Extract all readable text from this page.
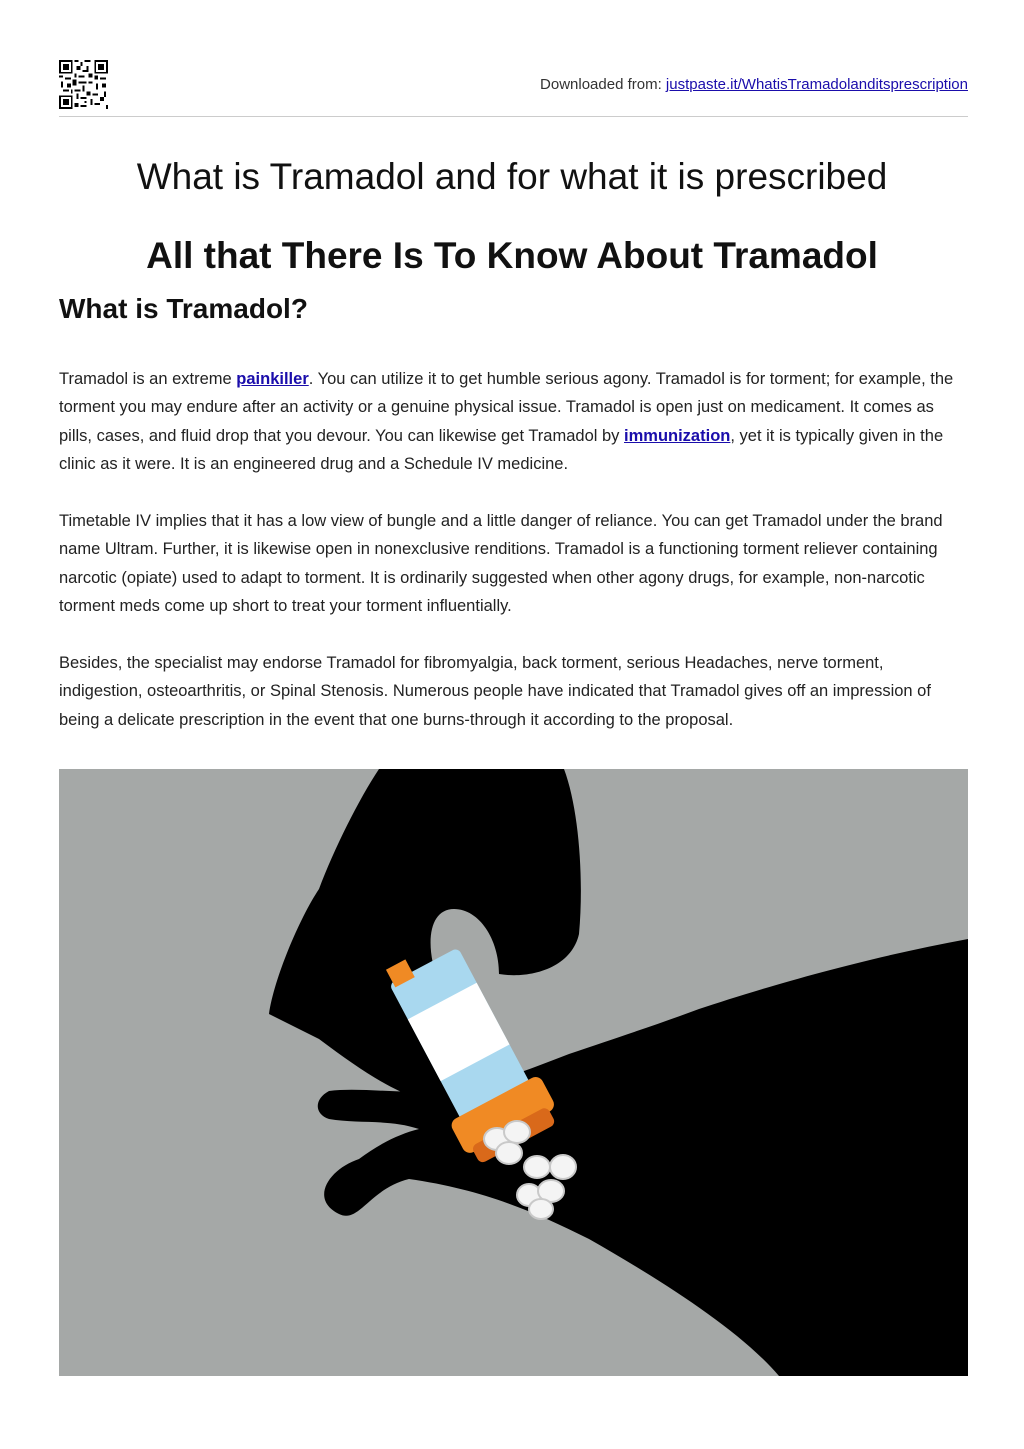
Downloaded from: justpaste.it/WhatisTramadolanditsprescription
What is Tramadol and for what it is prescribed
All that There Is To Know About Tramadol
What is Tramadol?

Tramadol is an extreme painkiller. You can utilize it to get humble serious agony. Tramadol is for torment; for example, the torment you may endure after an activity or a genuine physical issue. Tramadol is open just on medicament. It comes as pills, cases, and fluid drop that you devour. You can likewise get Tramadol by immunization, yet it is typically given in the clinic as it were. It is an engineered drug and a Schedule IV medicine.

Timetable IV implies that it has a low view of bungle and a little danger of reliance. You can get Tramadol under the brand name Ultram. Further, it is likewise open in nonexclusive renditions. Tramadol is a functioning torment reliever containing narcotic (opiate) used to adapt to torment. It is ordinarily suggested when other agony drugs, for example, non-narcotic torment meds come up short to treat your torment influentially.

Besides, the specialist may endorse Tramadol for fibromyalgia, back torment, serious Headaches, nerve torment, indigestion, osteoarthritis, or Spinal Stenosis. Numerous people have indicated that Tramadol gives off an impression of being a delicate prescription in the event that one burns-through it according to the proposal.
